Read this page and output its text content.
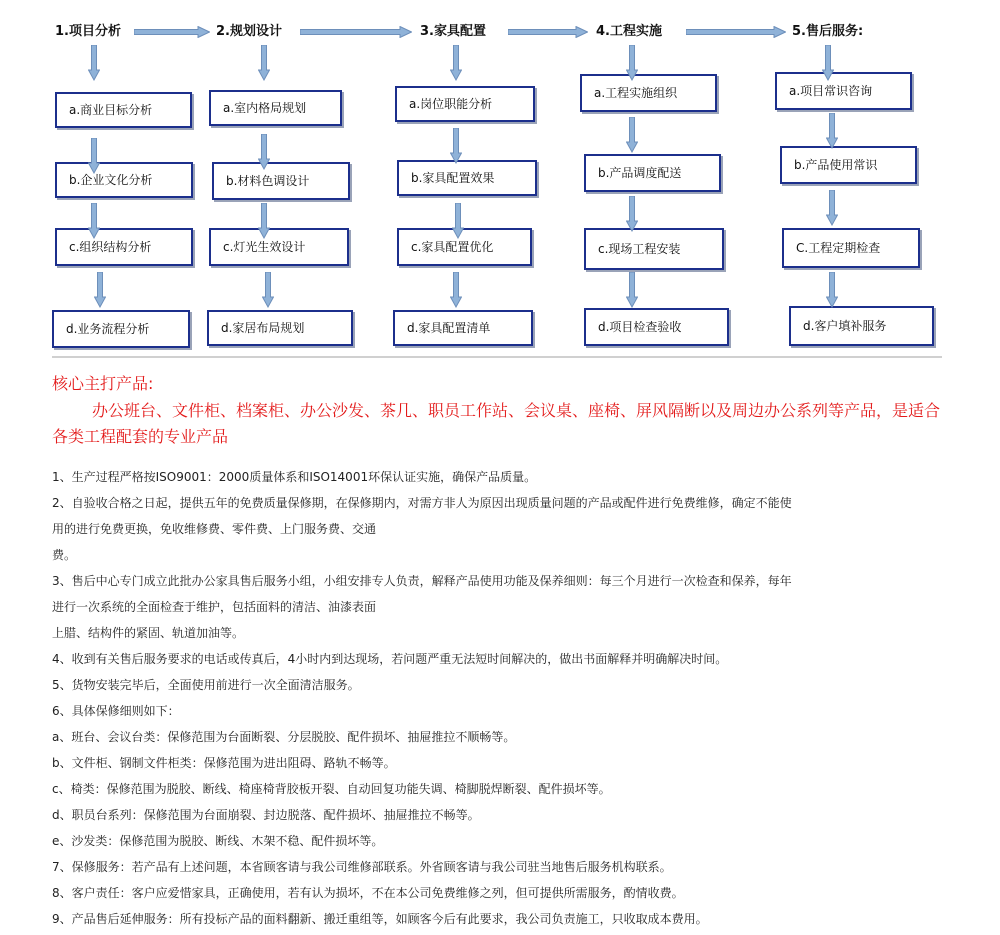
1.项目分析
a.商业目标分析
b.企业文化分析
c.组织结构分析
d.业务流程分析
2.规划设计
a.室内格局规划
b.材料色调设计
c.灯光生效设计
d.家居布局规划
3.家具配置
a.岗位职能分析
b.家具配置效果
c.家具配置优化
d.家具配置清单
4.工程实施
a.工程实施组织
b.产品调度配送
c.现场工程安装
d.项目检查验收
5.售后服务:
a.项目常识咨询
b.产品使用常识
C.工程定期检查
d.客户填补服务
核心主打产品:
办公班台、文件柜、档案柜、办公沙发、茶几、职员工作站、会议桌、座椅、屏风隔断以及周边办公系列等产品，是适合各类工程配套的专业产品
1、生产过程严格按ISO9001：2000质量体系和ISO14001环保认证实施，确保产品质量。
2、自验收合格之日起，提供五年的免费质量保修期，在保修期内，对需方非人为原因出现质量问题的产品或配件进行免费维修，确定不能使
用的进行免费更换，免收维修费、零件费、上门服务费、交通
费。
3、售后中心专门成立此批办公家具售后服务小组，小组安排专人负责，解释产品使用功能及保养细则：每三个月进行一次检查和保养，每年
进行一次系统的全面检查于维护，包括面料的清洁、油漆表面
上腊、结构件的紧固、轨道加油等。
4、收到有关售后服务要求的电话或传真后，4小时内到达现场，若问题严重无法短时间解决的，做出书面解释并明确解决时间。
5、货物安装完毕后，全面使用前进行一次全面清洁服务。
6、具体保修细则如下：
a、班台、会议台类：保修范围为台面断裂、分层脱胶、配件损坏、抽屉推拉不顺畅等。
b、文件柜、钢制文件柜类：保修范围为进出阻碍、路轨不畅等。
c、椅类：保修范围为脱胶、断线、椅座椅背胶板开裂、自动回复功能失调、椅脚脱焊断裂、配件损坏等。
d、职员台系列：保修范围为台面崩裂、封边脱落、配件损坏、抽屉推拉不畅等。
e、沙发类：保修范围为脱胶、断线、木架不稳、配件损坏等。
7、保修服务：若产品有上述问题，本省顾客请与我公司维修部联系。外省顾客请与我公司驻当地售后服务机构联系。
8、客户责任：客户应爱惜家具，正确使用，若有认为损坏，不在本公司免费维修之列，但可提供所需服务，酌情收费。
9、产品售后延伸服务：所有投标产品的面料翻新、搬迁重组等，如顾客今后有此要求，我公司负责施工，只收取成本费用。
